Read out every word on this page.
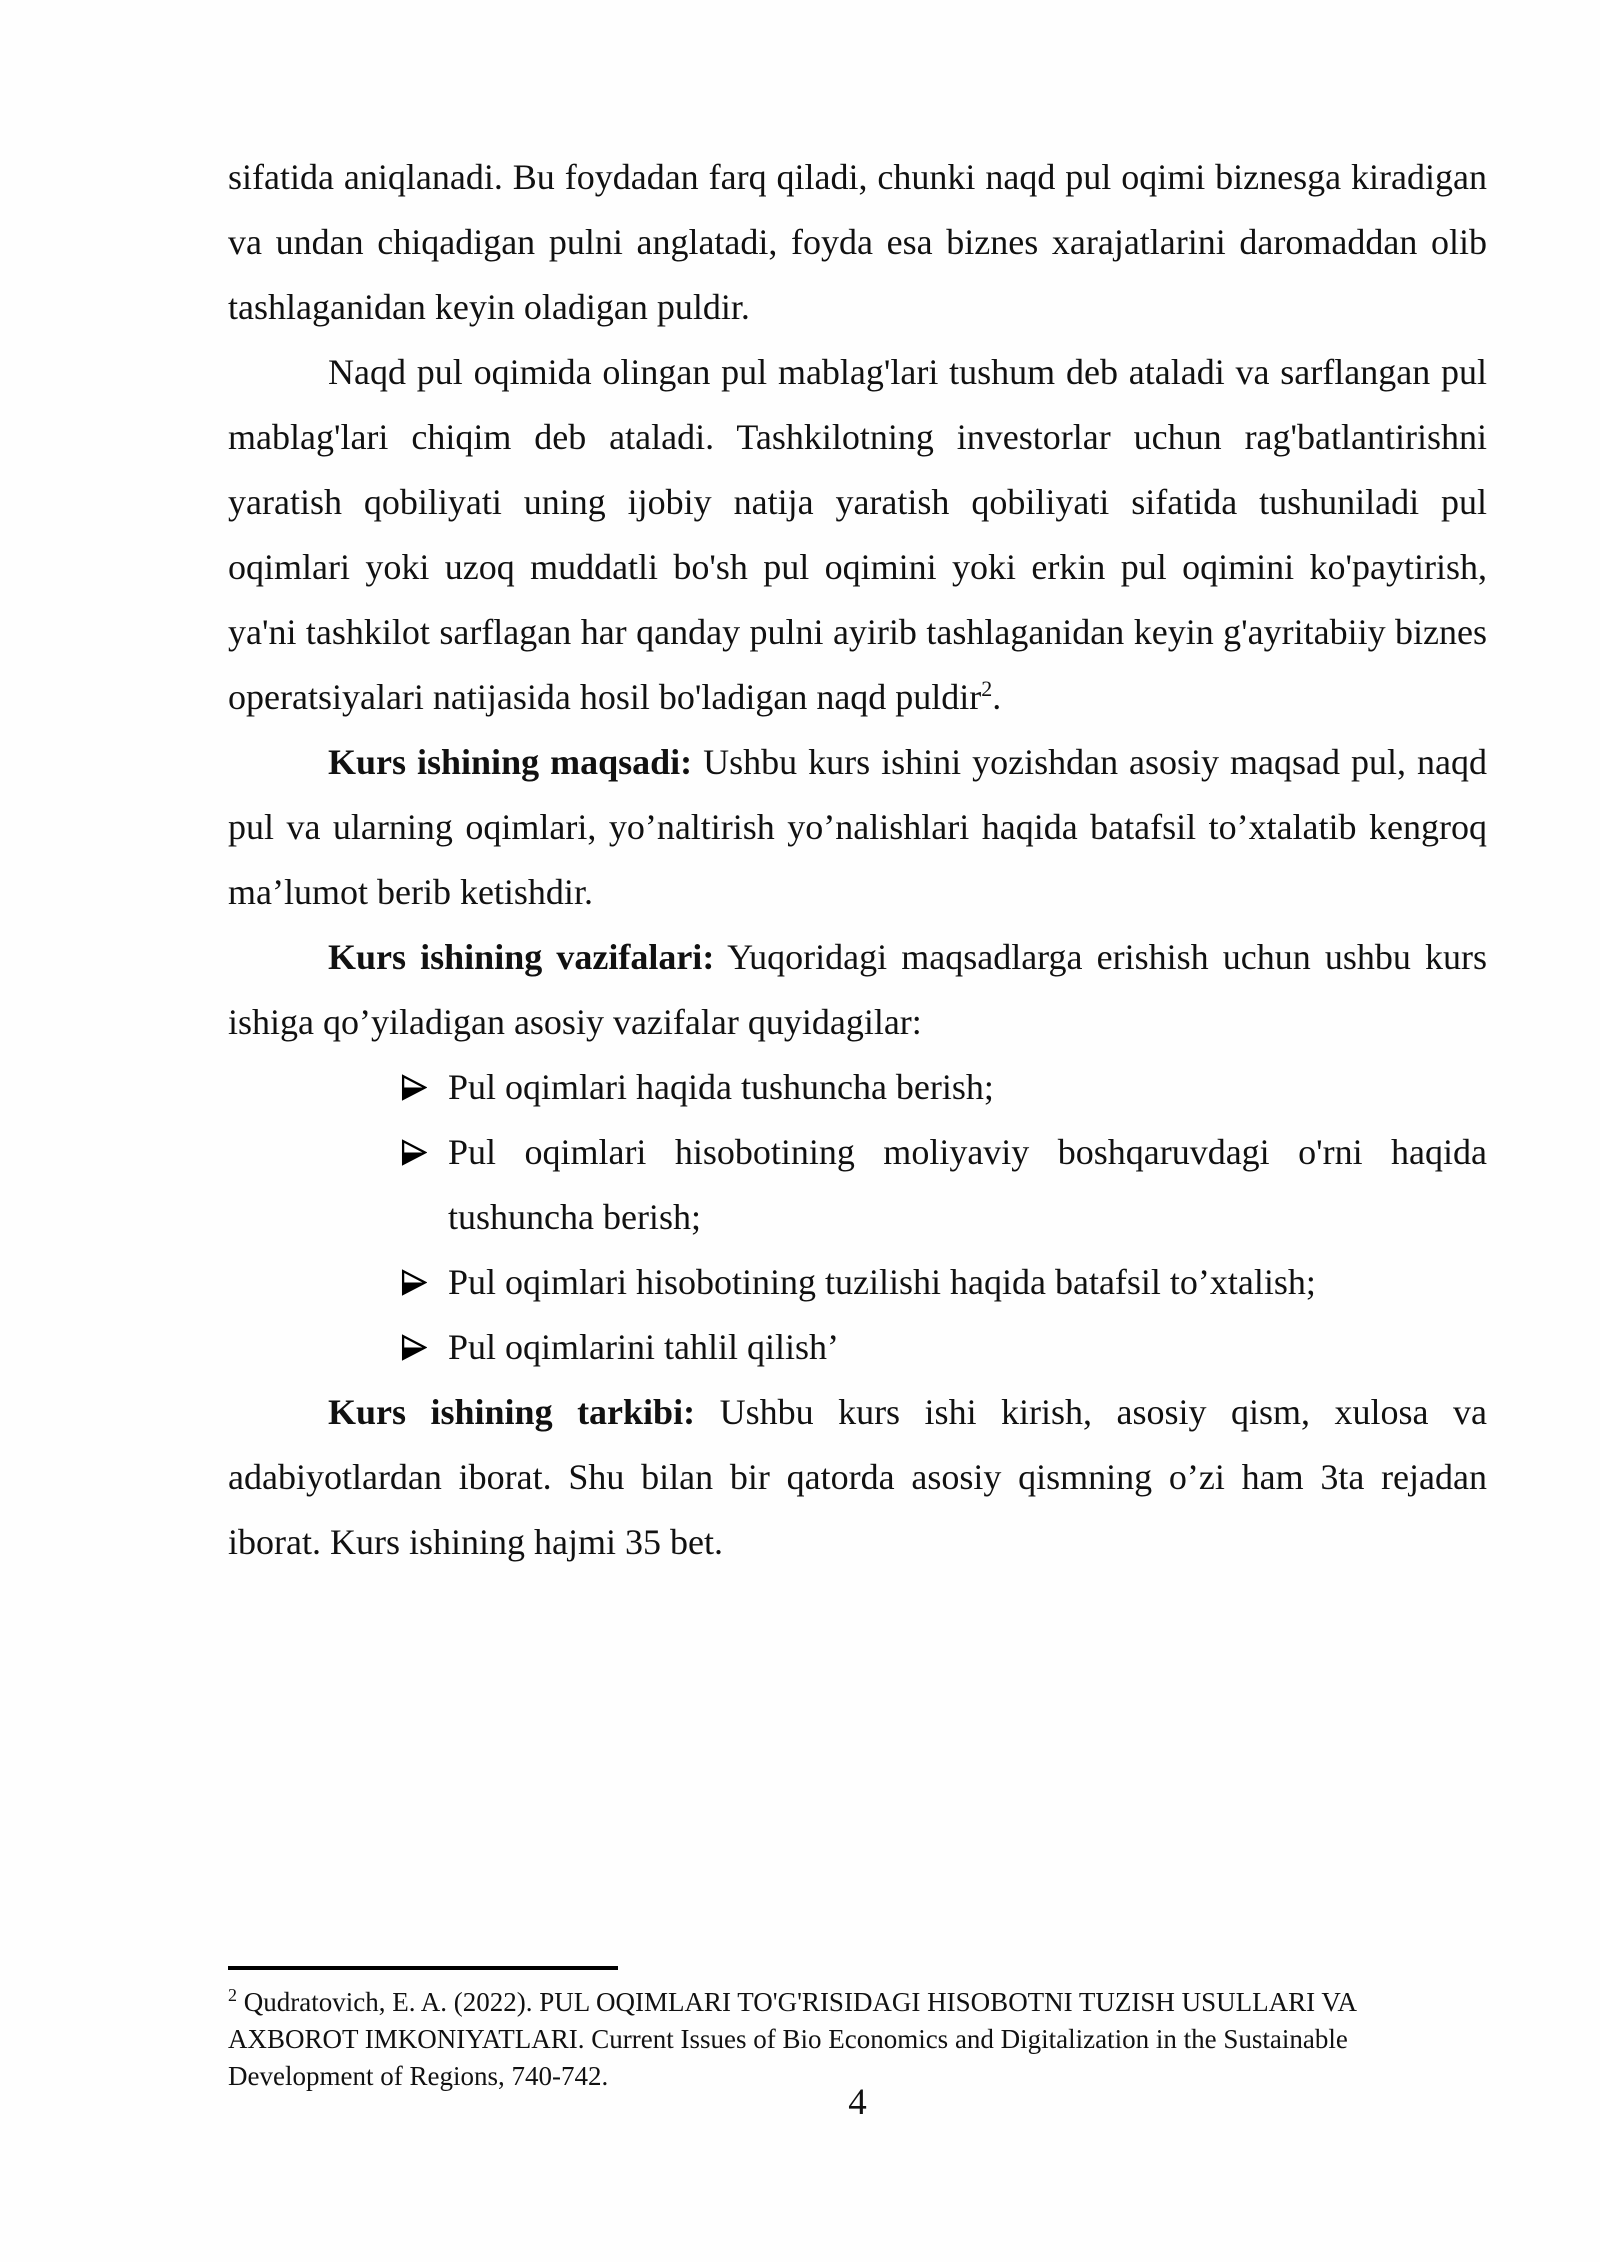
sifatida aniqlanadi. Bu foydadan farq qiladi, chunki naqd pul oqimi biznesga kiradigan va undan chiqadigan pulni anglatadi, foyda esa biznes xarajatlarini daromaddan olib tashlaganidan keyin oladigan puldir.

Naqd pul oqimida olingan pul mablag'lari tushum deb ataladi va sarflangan pul mablag'lari chiqim deb ataladi. Tashkilotning investorlar uchun rag'batlantirishni yaratish qobiliyati uning ijobiy natija yaratish qobiliyati sifatida tushuniladi pul oqimlari yoki uzoq muddatli bo'sh pul oqimini yoki erkin pul oqimini ko'paytirish, ya'ni tashkilot sarflagan har qanday pulni ayirib tashlaganidan keyin g'ayritabiiy biznes operatsiyalari natijasida hosil bo'ladigan naqd puldir$^2$.

Kurs ishining maqsadi: Ushbu kurs ishini yozishdan asosiy maqsad pul, naqd pul va ularning oqimlari, yo’naltirish yo’nalishlari haqida batafsil to’xtalatib kengroq ma’lumot berib ketishdir.

Kurs ishining vazifalari: Yuqoridagi maqsadlarga erishish uchun ushbu kurs ishiga qo’yiladigan asosiy vazifalar quyidagilar:

Pul oqimlari haqida tushuncha berish;
Pul oqimlari hisobotining moliyaviy boshqaruvdagi o'rni haqida tushuncha berish;
Pul oqimlari hisobotining tuzilishi haqida batafsil to’xtalish;
Pul oqimlarini tahlil qilish’

Kurs ishining tarkibi: Ushbu kurs ishi kirish, asosiy qism, xulosa va adabiyotlardan iborat. Shu bilan bir qatorda asosiy qismning o’zi ham 3ta rejadan iborat. Kurs ishining hajmi 35 bet.

$^2$ Qudratovich, E. A. (2022). PUL OQIMLARI TO'G'RISIDAGI HISOBOTNI TUZISH USULLARI VA AXBOROT IMKONIYATLARI. Current Issues of Bio Economics and Digitalization in the Sustainable Development of Regions, 740-742.
4
